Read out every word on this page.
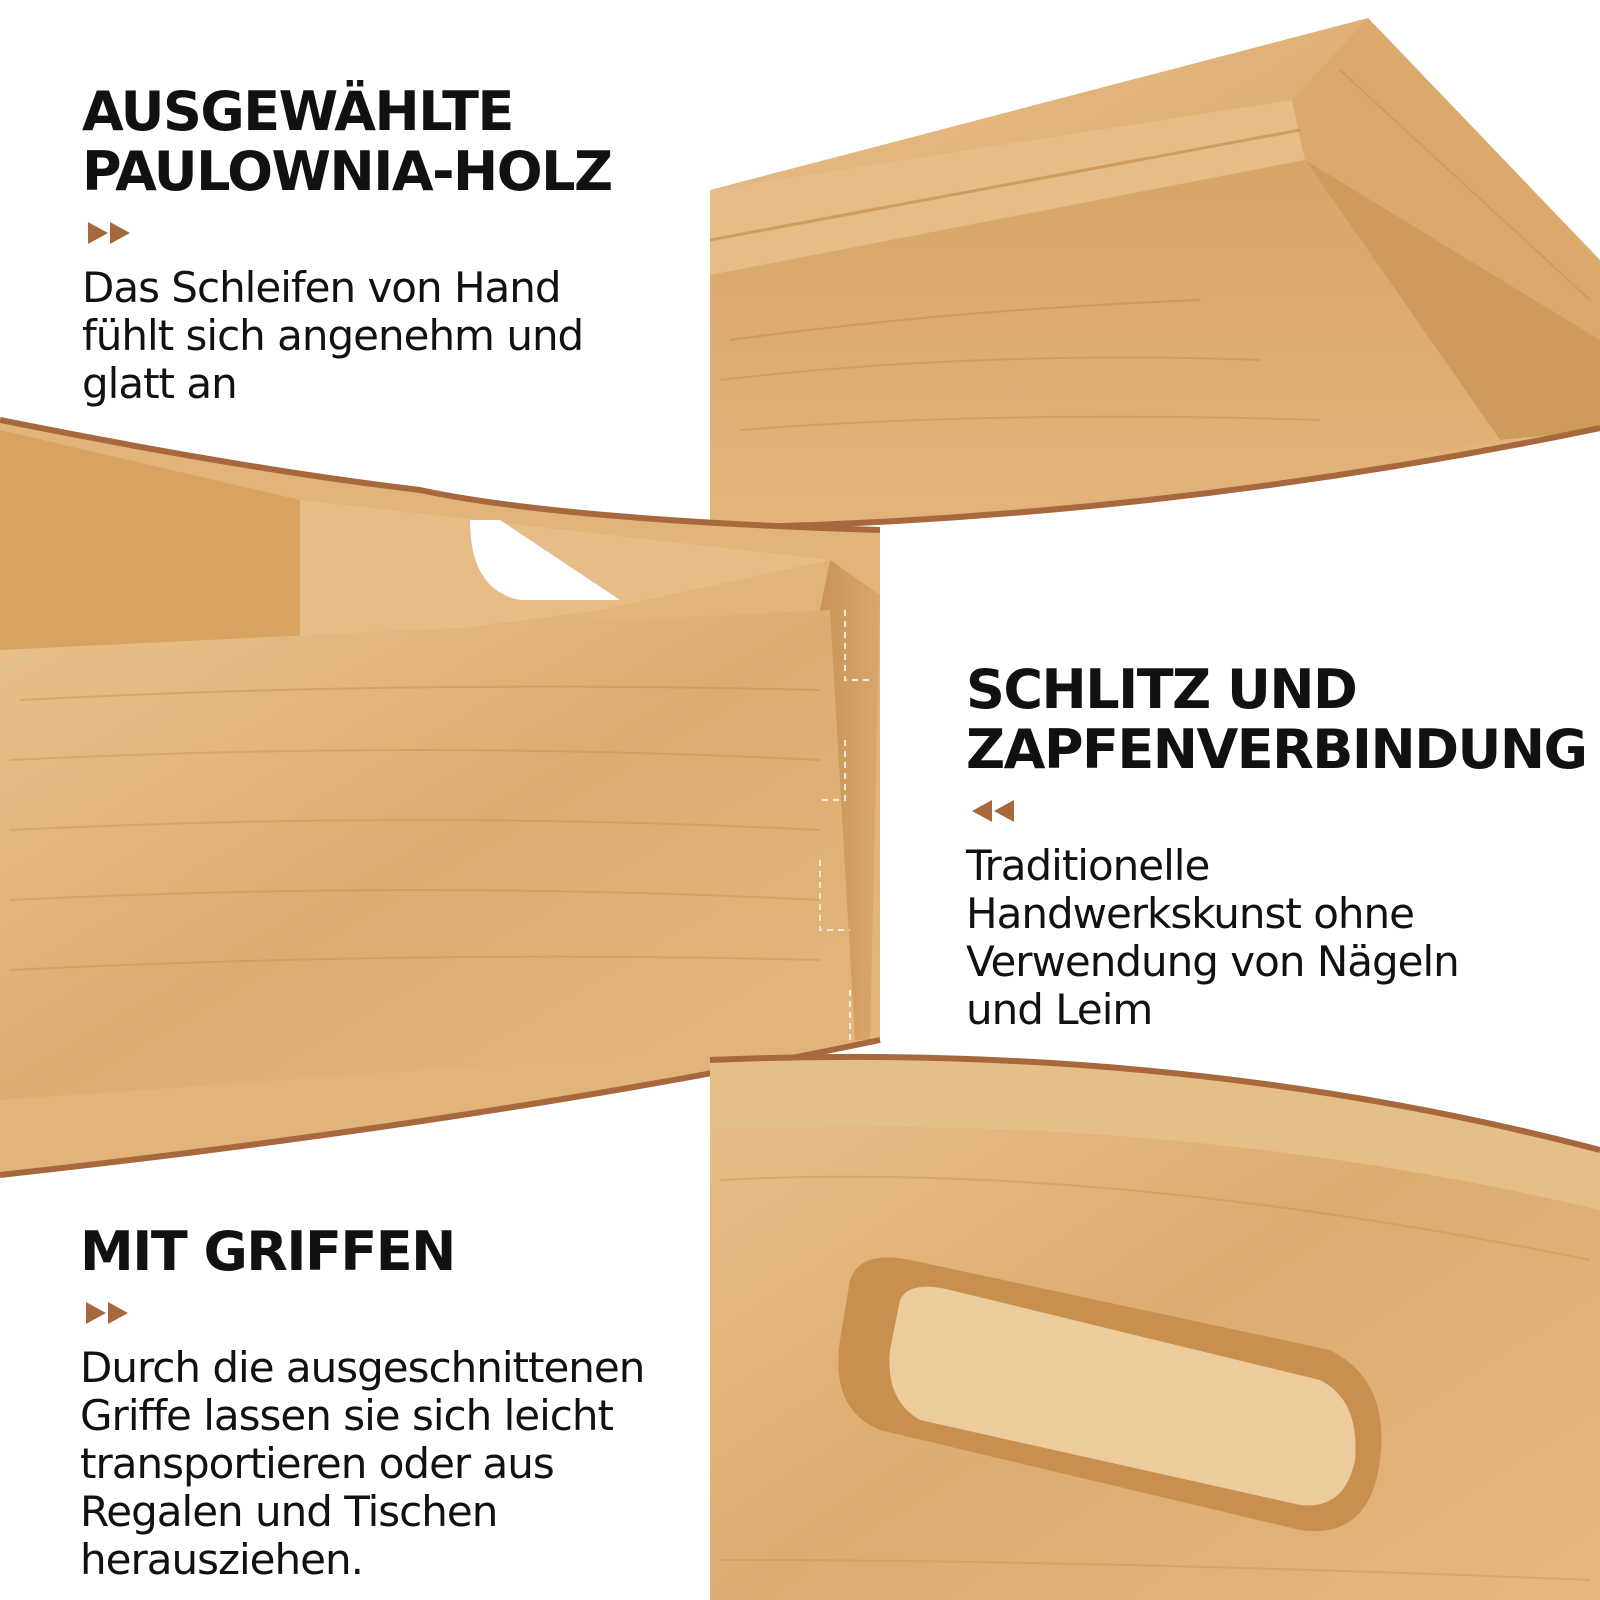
AUSGEWÄHLTE
PAULOWNIA-HOLZ

Das Schleifen von Hand
fühlt sich angenehm und
glatt an

SCHLITZ UND
ZAPFENVERBINDUNG

Traditionelle
Handwerkskunst ohne
Verwendung von Nägeln
und Leim

MIT GRIFFEN

Durch die ausgeschnittenen
Griffe lassen sie sich leicht
transportieren oder aus
Regalen und Tischen
herausziehen.
